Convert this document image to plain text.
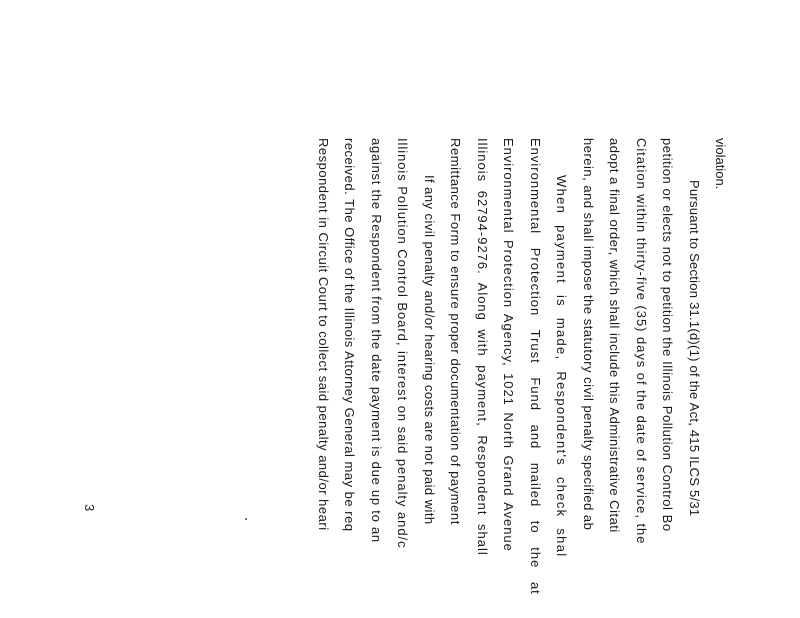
violation.
Pursuant to Section 31.1(d)(1) of the Act, 415 ILCS 5/31
petition or elects not to petition the Illinois Pollution Control Bo
Citation within thirty-five (35) days of the date of service, the
adopt a final order, which shall include this Administrative Citati
herein, and shall impose the statutory civil penalty specified ab
When payment is made, Respondent's check shal
Environmental Protection Trust Fund and mailed to the at
Environmental Protection Agency, 1021 North Grand Avenue
Illinois 62794-9276. Along with payment, Respondent shall
Remittance Form to ensure proper documentation of payment
If any civil penalty and/or hearing costs are not paid with
Illinois Pollution Control Board, interest on said penalty and/c
against the Respondent from the date payment is due up to an
received. The Office of the Illinois Attorney General may be req
Respondent in Circuit Court to collect said penalty and/or heari
3
